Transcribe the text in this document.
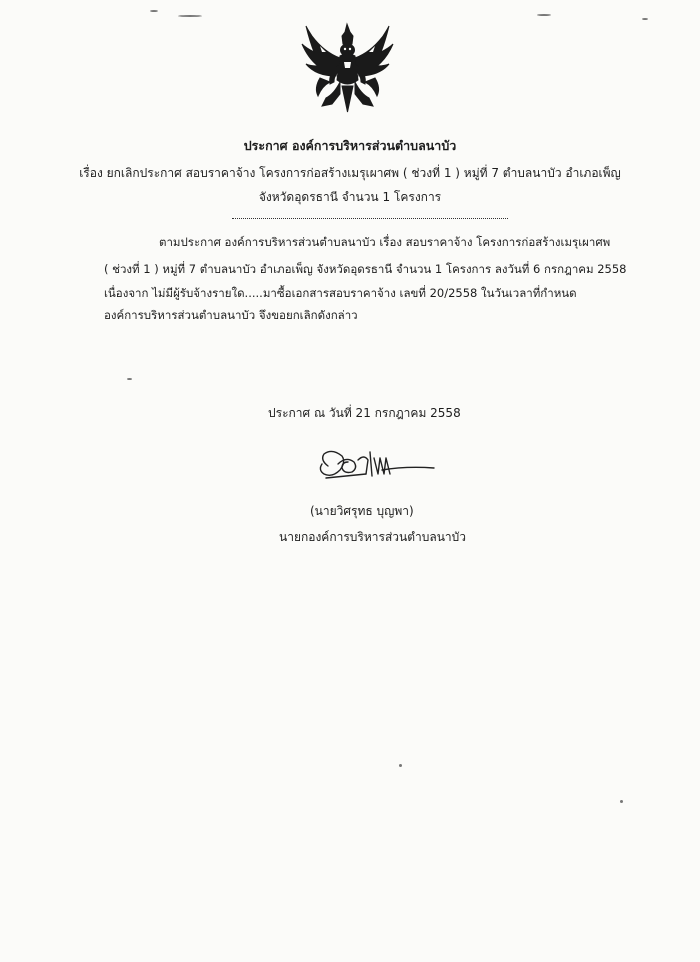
ประกาศ องค์การบริหารส่วนตำบลนาบัว
เรื่อง ยกเลิกประกาศ สอบราคาจ้าง โครงการก่อสร้างเมรุเผาศพ ( ช่วงที่ 1 ) หมู่ที่ 7 ตำบลนาบัว อำเภอเพ็ญ
จังหวัดอุดรธานี จำนวน 1 โครงการ
ตามประกาศ องค์การบริหารส่วนตำบลนาบัว เรื่อง สอบราคาจ้าง โครงการก่อสร้างเมรุเผาศพ
( ช่วงที่ 1 ) หมู่ที่ 7 ตำบลนาบัว อำเภอเพ็ญ จังหวัดอุดรธานี จำนวน 1 โครงการ ลงวันที่ 6 กรกฎาคม 2558
เนื่องจาก ไม่มีผู้รับจ้างรายใด.....มาซื้อเอกสารสอบราคาจ้าง เลขที่ 20/2558 ในวันเวลาที่กำหนด
องค์การบริหารส่วนตำบลนาบัว จึงขอยกเลิกดังกล่าว
ประกาศ ณ วันที่ 21 กรกฎาคม 2558
(นายวิศรุทธ บุญพา)
นายกองค์การบริหารส่วนตำบลนาบัว
